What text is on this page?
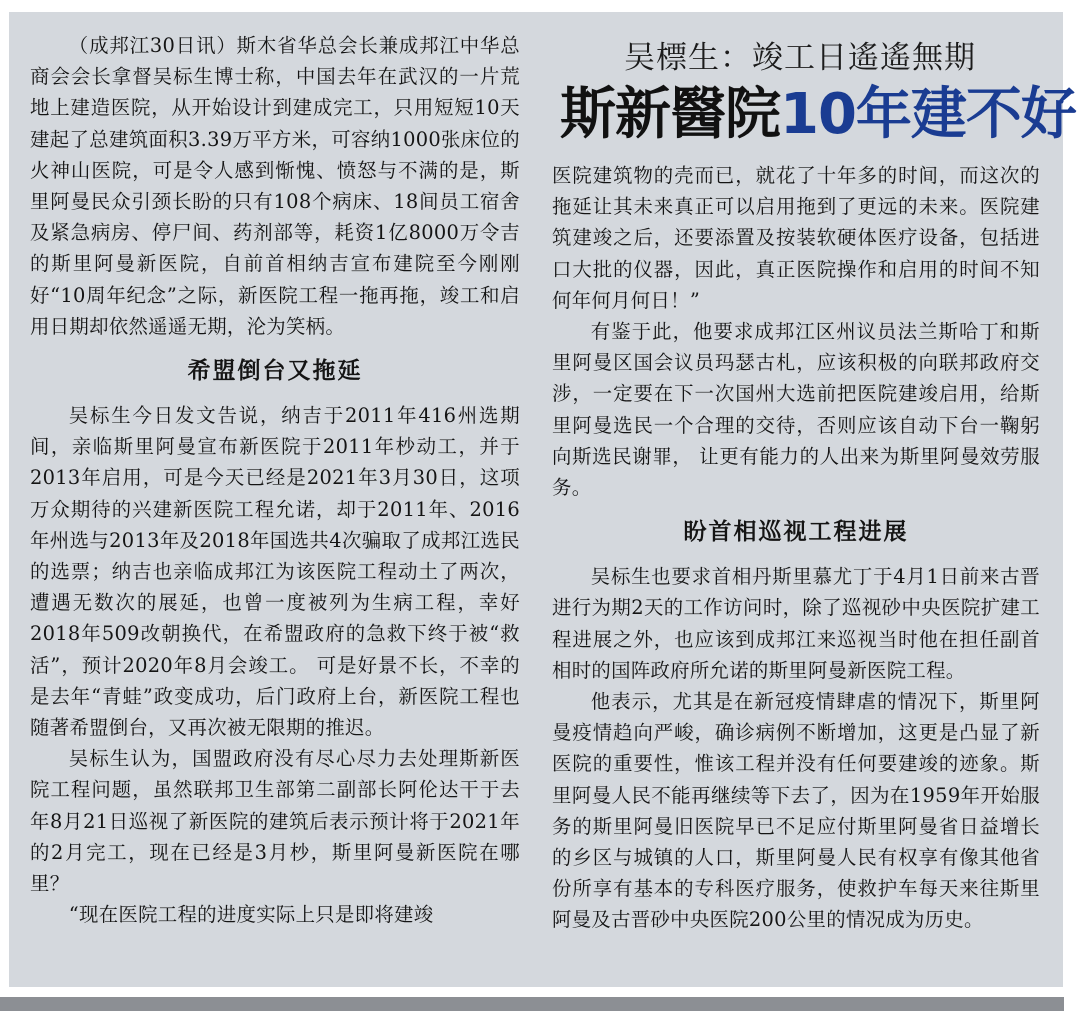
（成邦江30日讯）斯木省华总会长兼成邦江中华总商会会长拿督吴标生博士称，中国去年在武汉的一片荒地上建造医院，从开始设计到建成完工，只用短短10天建起了总建筑面积3.39万平方米，可容纳1000张床位的火神山医院，可是令人感到惭愧、愤怒与不满的是，斯里阿曼民众引颈长盼的只有108个病床、18间员工宿舍及紧急病房、停尸间、药剂部等，耗资1亿8000万令吉的斯里阿曼新医院，自前首相纳吉宣布建院至今刚刚好“10周年纪念”之际，新医院工程一拖再拖，竣工和启用日期却依然遥遥无期，沦为笑柄。

希盟倒台又拖延

吴标生今日发文告说，纳吉于2011年416州选期间，亲临斯里阿曼宣布新医院于2011年杪动工，并于2013年启用，可是今天已经是2021年3月30日，这项万众期待的兴建新医院工程允诺，却于2011年、2016年州选与2013年及2018年国选共4次骗取了成邦江选民的选票；纳吉也亲临成邦江为该医院工程动土了两次，遭遇无数次的展延，也曾一度被列为生病工程，幸好2018年509改朝换代，在希盟政府的急救下终于被“救活”，预计2020年8月会竣工。 可是好景不长，不幸的是去年“青蛙”政变成功，后门政府上台，新医院工程也随著希盟倒台，又再次被无限期的推迟。

吴标生认为，国盟政府没有尽心尽力去处理斯新医院工程问题，虽然联邦卫生部第二副部长阿伦达干于去年8月21日巡视了新医院的建筑后表示预计将于2021年的2月完工，现在已经是3月杪，斯里阿曼新医院在哪里？

“现在医院工程的进度实际上只是即将建竣

吴標生：竣工日遙遙無期
斯新醫院10年建不好

医院建筑物的壳而已，就花了十年多的时间，而这次的拖延让其未来真正可以启用拖到了更远的未来。医院建筑建竣之后，还要添置及按装软硬体医疗设备，包括进口大批的仪器，因此，真正医院操作和启用的时间不知何年何月何日！”

有鉴于此，他要求成邦江区州议员法兰斯哈丁和斯里阿曼区国会议员玛瑟古札，应该积极的向联邦政府交涉，一定要在下一次国州大选前把医院建竣启用，给斯里阿曼选民一个合理的交待，否则应该自动下台一鞠躬向斯选民谢罪， 让更有能力的人出来为斯里阿曼效劳服务。

盼首相巡视工程进展

吴标生也要求首相丹斯里慕尤丁于4月1日前来古晋进行为期2天的工作访问时，除了巡视砂中央医院扩建工程进展之外，也应该到成邦江来巡视当时他在担任副首相时的国阵政府所允诺的斯里阿曼新医院工程。

他表示，尤其是在新冠疫情肆虐的情况下，斯里阿曼疫情趋向严峻，确诊病例不断增加，这更是凸显了新医院的重要性，惟该工程并没有任何要建竣的迹象。斯里阿曼人民不能再继续等下去了，因为在1959年开始服务的斯里阿曼旧医院早已不足应付斯里阿曼省日益增长的乡区与城镇的人口，斯里阿曼人民有权享有像其他省份所享有基本的专科医疗服务，使救护车每天来往斯里阿曼及古晋砂中央医院200公里的情况成为历史。
